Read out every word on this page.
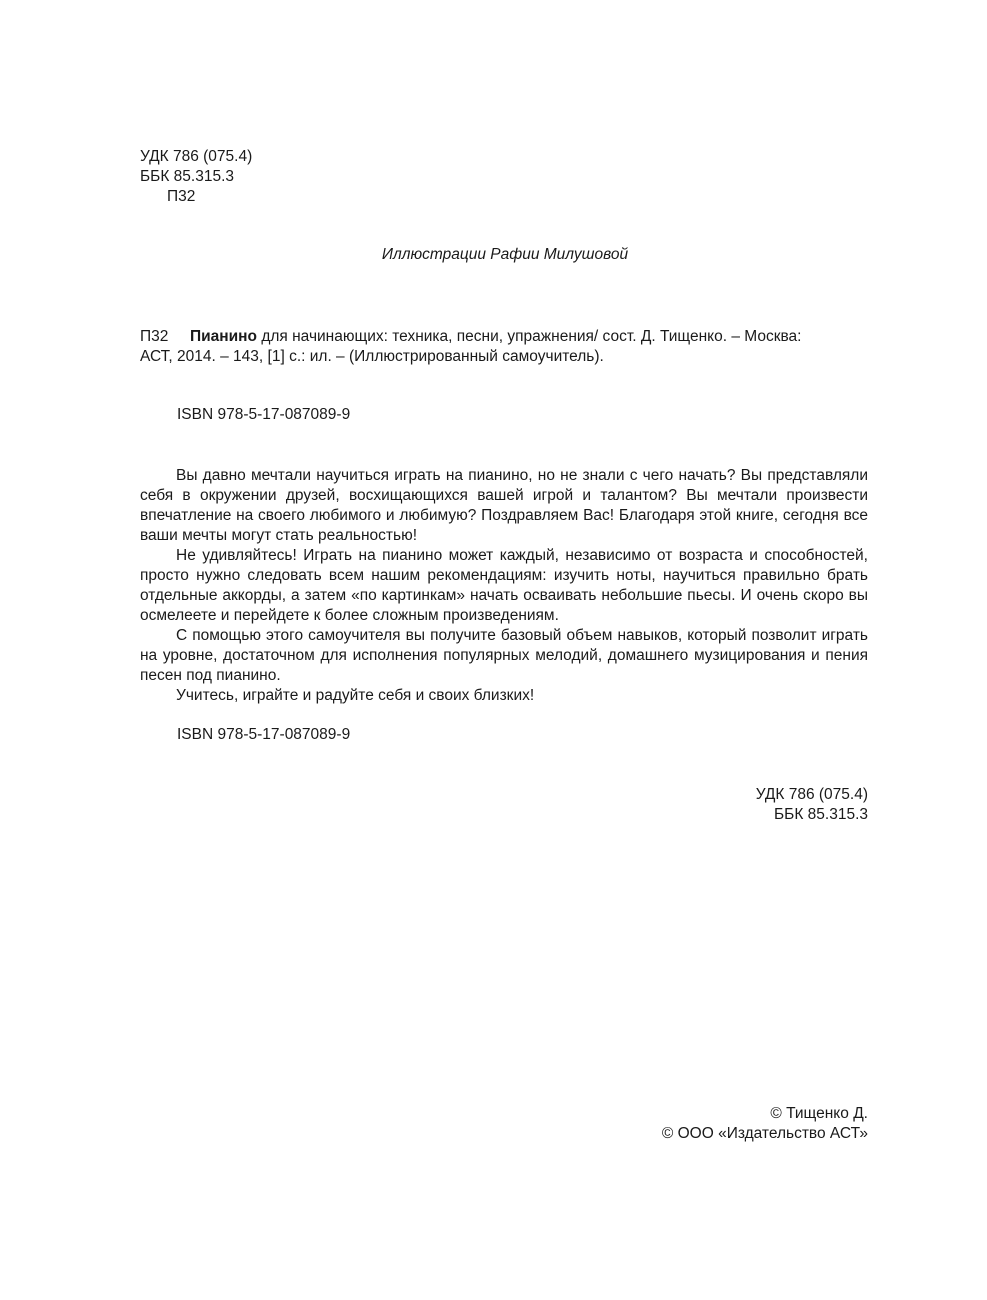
УДК 786 (075.4)
ББК 85.315.3
П32
Иллюстрации Рафии Милушовой
П32 Пианино для начинающих: техника, песни, упражнения/ сост. Д. Тищенко. – Москва:
АСТ, 2014. – 143, [1] с.: ил. – (Иллюстрированный самоучитель).
ISBN 978-5-17-087089-9

Вы давно мечтали научиться играть на пианино, но не знали с чего начать? Вы представляли себя в окружении друзей, восхищающихся вашей игрой и талантом? Вы мечтали произвести впечатление на своего любимого и любимую? Поздравляем Вас! Благодаря этой книге, сегодня все ваши мечты могут стать реальностью!

Не удивляйтесь! Играть на пианино может каждый, независимо от возраста и способностей, просто нужно следовать всем нашим рекомендациям: изучить ноты, научиться правильно брать отдельные аккорды, а затем «по картинкам» начать осваивать небольшие пьесы. И очень скоро вы осмелеете и перейдете к более сложным произведениям.

С помощью этого самоучителя вы получите базовый объем навыков, который позволит играть на уровне, достаточном для исполнения популярных мелодий, домашнего музицирования и пения песен под пианино.

Учитесь, играйте и радуйте себя и своих близких!

ISBN 978-5-17-087089-9
УДК 786 (075.4)
ББК 85.315.3
© Тищенко Д.
© ООО «Издательство АСТ»
